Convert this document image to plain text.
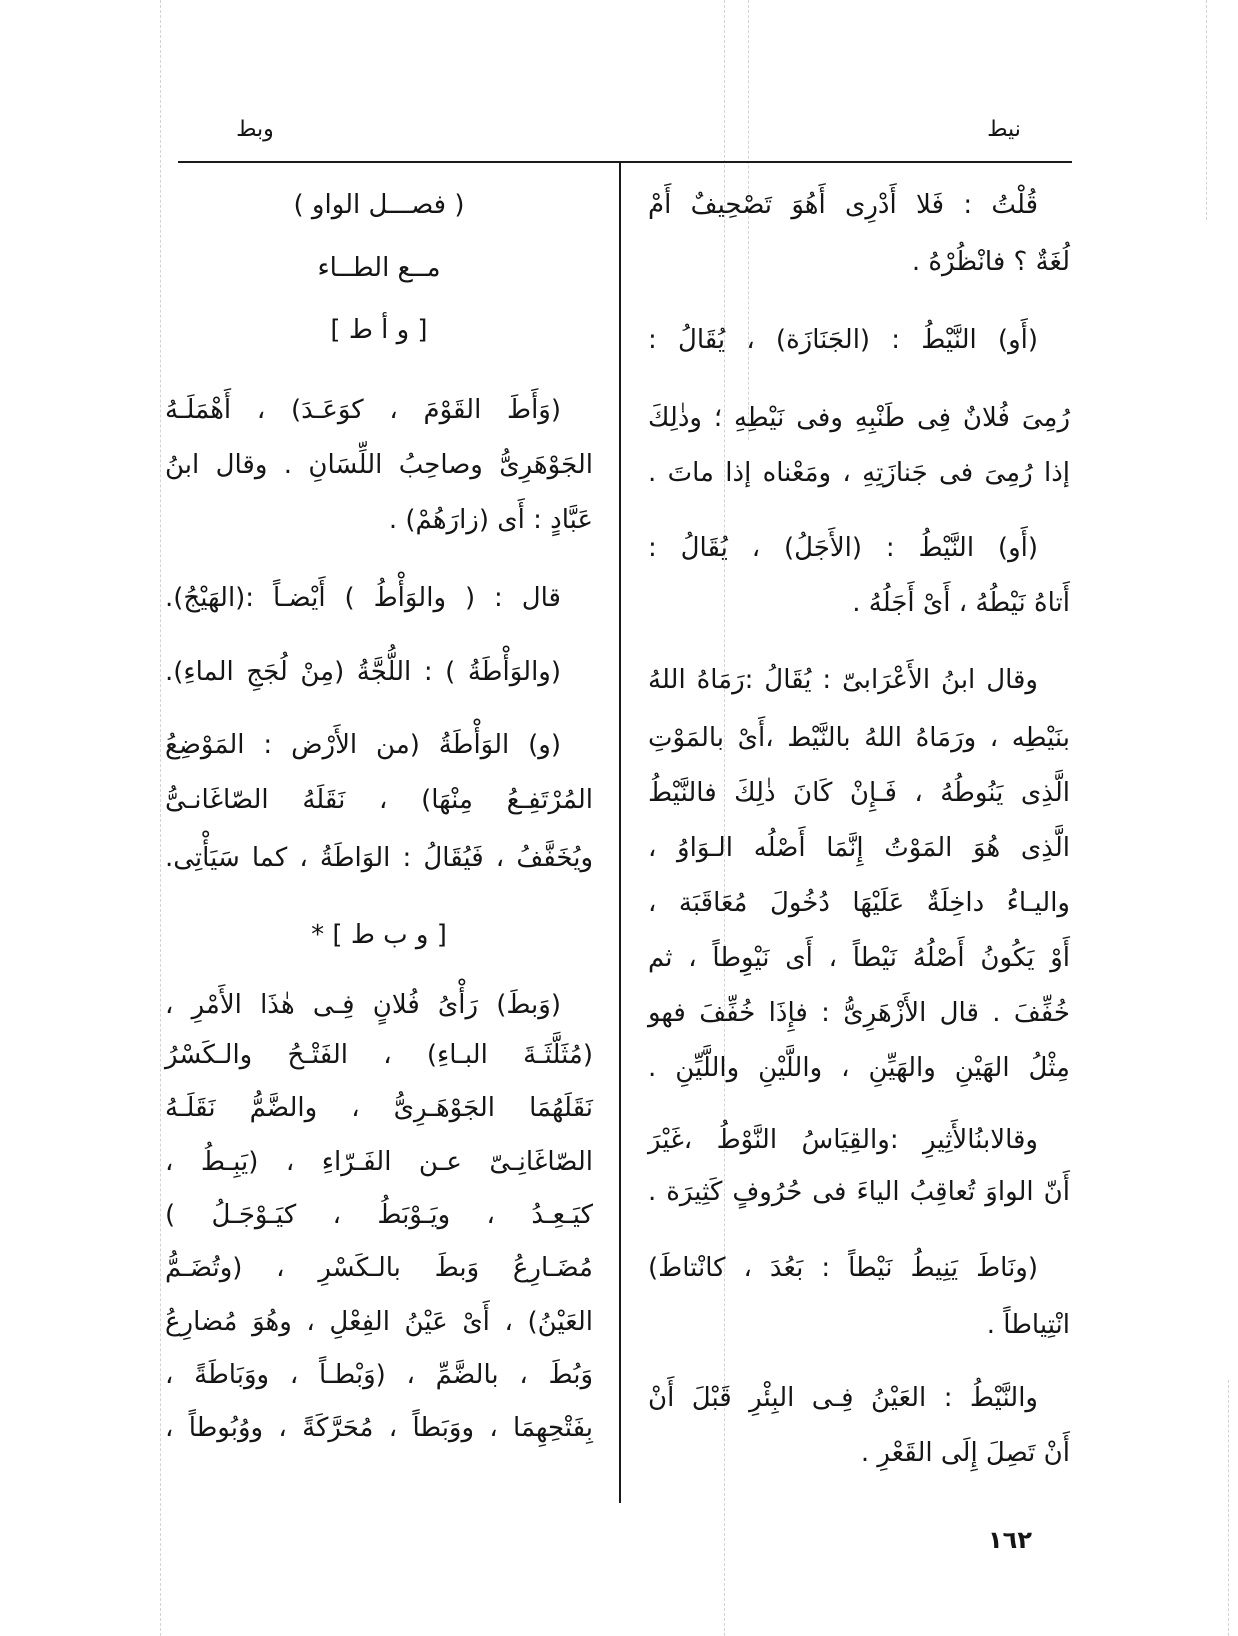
وبط	نيط
قُلْتُ : فَلا أَدْرِى أَهُوَ تَصْحِيفٌ أَمْ
لُغَةٌ ؟ فانْظُرْهُ .
(أَو) النَّيْطُ : (الجَنَازَة) ، يُقَالُ :
رُمِىَ فُلانٌ فِى طَنْبِهِ وفى نَيْطِهِ ؛ وذٰلِكَ
إذا رُمِىَ فى جَنازَتِهِ ، ومَعْناه إذا ماتَ .
(أَو) النَّيْطُ : (الأَجَلُ) ، يُقَالُ :
أَتاهُ نَيْطُهُ ، أَىْ أَجَلُهُ .
وقال ابنُ الأَعْرَابىّ : يُقَالُ :رَمَاهُ اللهُ
بنَيْطِه ، ورَمَاهُ اللهُ بالنَّيْط ،أَىْ بالمَوْتِ
الَّذِى يَنُوطُهُ ، فَـإِنْ كَانَ ذٰلِكَ فالنَّيْطُ
الَّذِى هُوَ المَوْتُ إِنَّمَا أَصْلُه الـوَاوُ ،
واليـاءُ داخِلَةٌ عَلَيْهَا دُخُولَ مُعَاقَبَة ،
أَوْ يَكُونُ أَصْلُهُ نَيْطاً ، أَى نَيْوِطاً ، ثم
خُفِّفَ . قال الأَزْهَرِىُّ : فإِذَا خُفِّفَ فهو
مِثْلُ الهَيْنِ والهَيِّنِ ، واللَّيْنِ واللَّيِّنِ .
وقالابنُالأَثِيرِ :والقِيَاسُ النَّوْطُ ،غَيْرَ
أَنّ الواوَ تُعاقِبُ الياءَ فى حُرُوفٍ كَثِيرَة .
(ونَاطَ يَنِيطُ نَيْطاً : بَعُدَ ، كانْتاطَ)
انْتِياطاً .
والنَّيْطُ : العَيْنُ فِـى البِئْرِ قَبْلَ أَنْ
أَنْ تَصِلَ إِلَى القَعْرِ .
( فصـــل الواو )
مــع الطــاء
[ و أ ط ]
(وَأَطَ القَوْمَ ، كوَعَـدَ) ، أَهْمَلَـهُ
الجَوْهَرِىُّ وصاحِبُ اللِّسَانِ . وقال ابنُ
عَبَّادٍ : أَى (زارَهُمْ) .
قال : ( والوَأْطُ ) أَيْضـاً :(الهَيْجُ).
(والوَأْطَةُ ) : اللُّجَّةُ (مِنْ لُجَجِ الماءِ).
(و) الوَأْطَةُ (من الأَرْض : المَوْضِعُ
المُرْتَفِـعُ مِنْهَا) ، نَقَلَهُ الصّاغَانـىُّ
ويُخَفَّفُ ، فَيُقَالُ : الوَاطَةُ ، كما سَيَأْتِى.
[ و ب ط ] *
(وَبطَ) رَأْىُ فُلانٍ فِـى هٰذَا الأَمْرِ ،
(مُثَلَّثَـةَ البـاءِ) ، الفَتْـحُ والـكَسْرُ
نَقَلَهُمَا الجَوْهَـرِىُّ ، والضَّمُّ نَقَلَـهُ
الصّاغَانِـىّ عـن الفَـرّاءِ ، (يَبِـطُ ،
كيَـعِـدُ ، ويَـوْبَطُ ، كيَـوْجَـلُ )
مُضَـارِعُ وَبطَ بالـكَسْرِ ، (وتُضَـمُّ
العَيْنُ) ، أَىْ عَيْنُ الفِعْلِ ، وهُوَ مُضارِعُ
وَبُطَ ، بالضَّمِّ ، (وَبْطـاً ، ووَبَاطَةً ،
بِفَتْحِهِمَا ، ووَبَطاً ، مُحَرَّكَةً ، ووُبُوطاً ،
١٦٢
